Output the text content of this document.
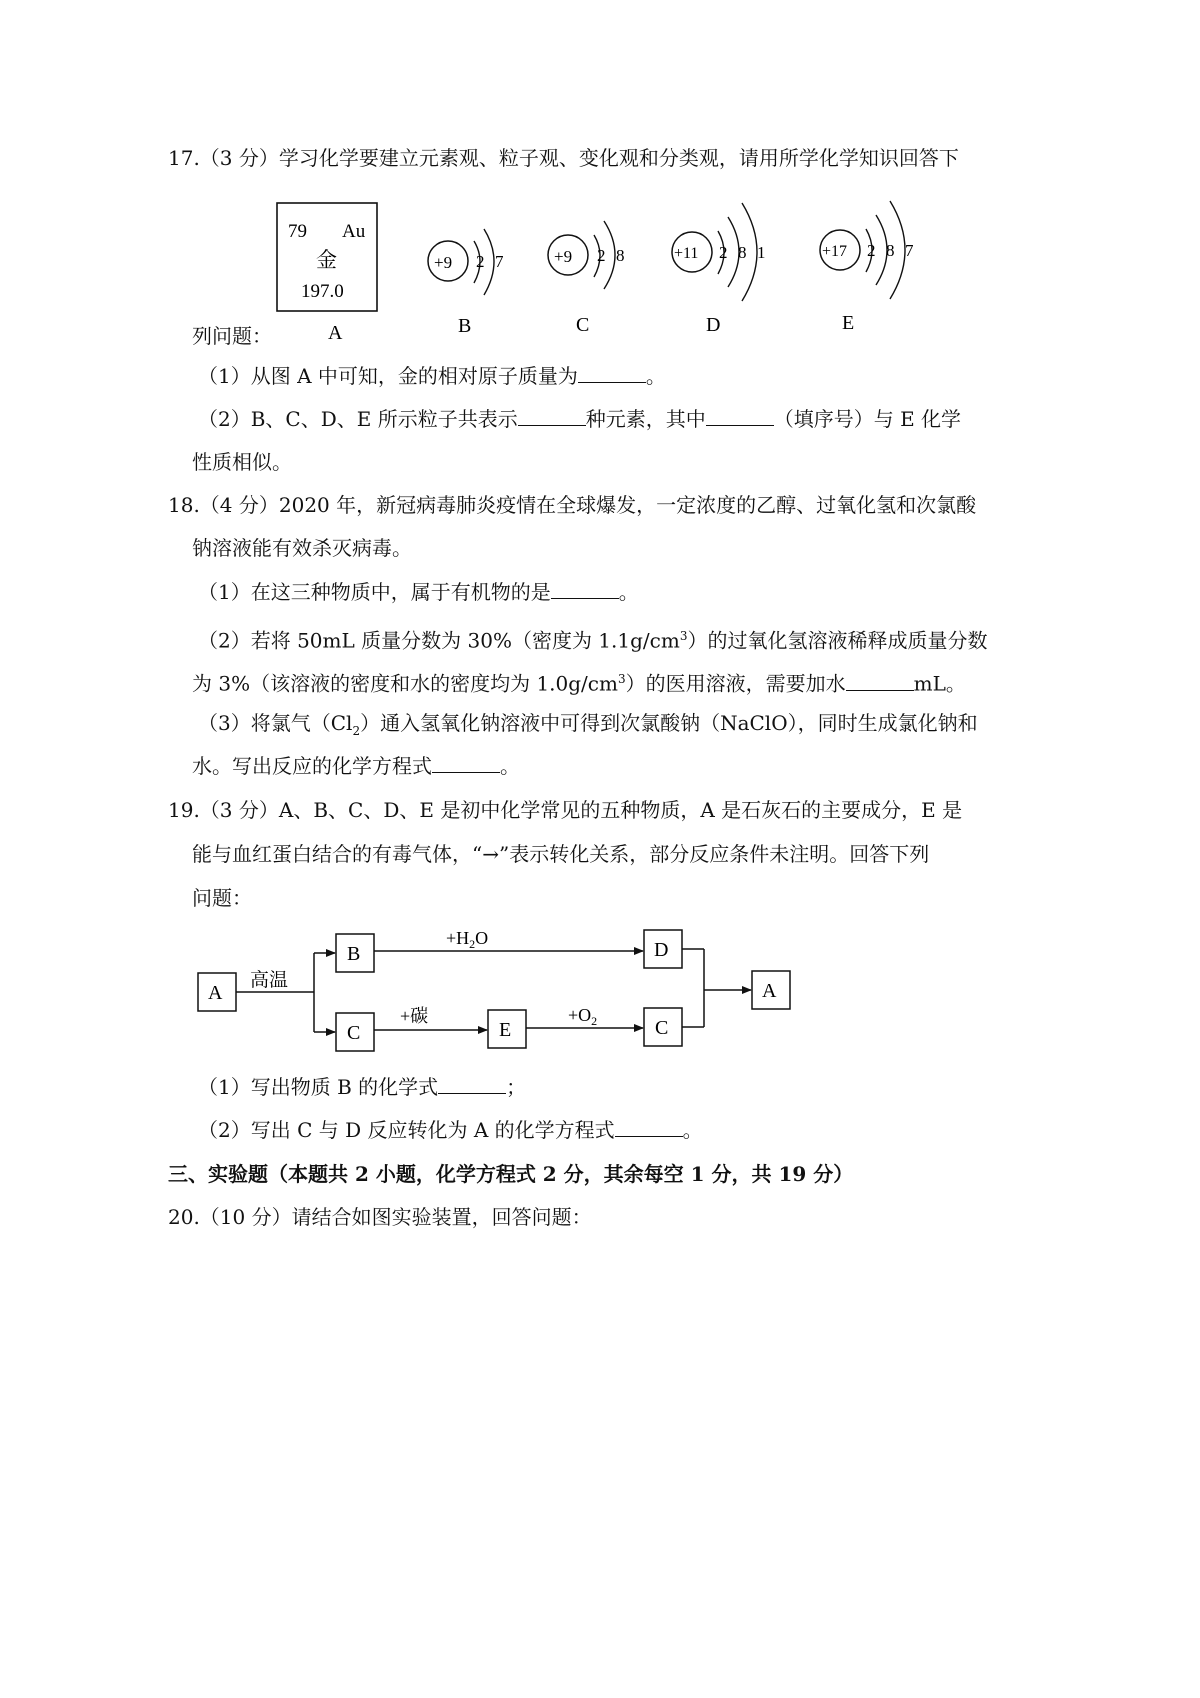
17.（3 分）学习化学要建立元素观、粒子观、变化观和分类观，请用所学化学知识回答下
79 Au
金
197.0
A
+9 2 7
B
+9 2 8
C
+11 2 8 1
D
+17 2 8 7
E
列问题：
（1）从图 A 中可知，金的相对原子质量为	。
（2）B、C、D、E 所示粒子共表示	种元素，其中	（填序号）与 E 化学
性质相似。
18.（4 分）2020 年，新冠病毒肺炎疫情在全球爆发，一定浓度的乙醇、过氧化氢和次氯酸
钠溶液能有效杀灭病毒。
（1）在这三种物质中，属于有机物的是	。
（2）若将 50mL 质量分数为 30%（密度为 $1.1g/cm^3$）的过氧化氢溶液稀释成质量分数
为 3%（该溶液的密度和水的密度均为 $1.0g/cm^3$）的医用溶液，需要加水	mL。
（3）将氯气$(Cl_2)$通入氢氧化钠溶液中可得到次氯酸钠（NaClO），同时生成氯化钠和
水。写出反应的化学方程式	。
19.（3 分）A、B、C、D、E 是初中化学常见的五种物质，A 是石灰石的主要成分，E 是
能与血红蛋白结合的有毒气体，“→”表示转化关系，部分反应条件未注明。回答下列
问题：
A
B	D
C	E	C
A
高温
$+H_2O$
+碳	$+O_2$
（1）写出物质 B 的化学式	；
（2）写出 C 与 D 反应转化为 A 的化学方程式	。
三、实验题（本题共 2 小题，化学方程式 2 分，其余每空 1 分，共 19 分）
20.（10 分）请结合如图实验装置，回答问题：
